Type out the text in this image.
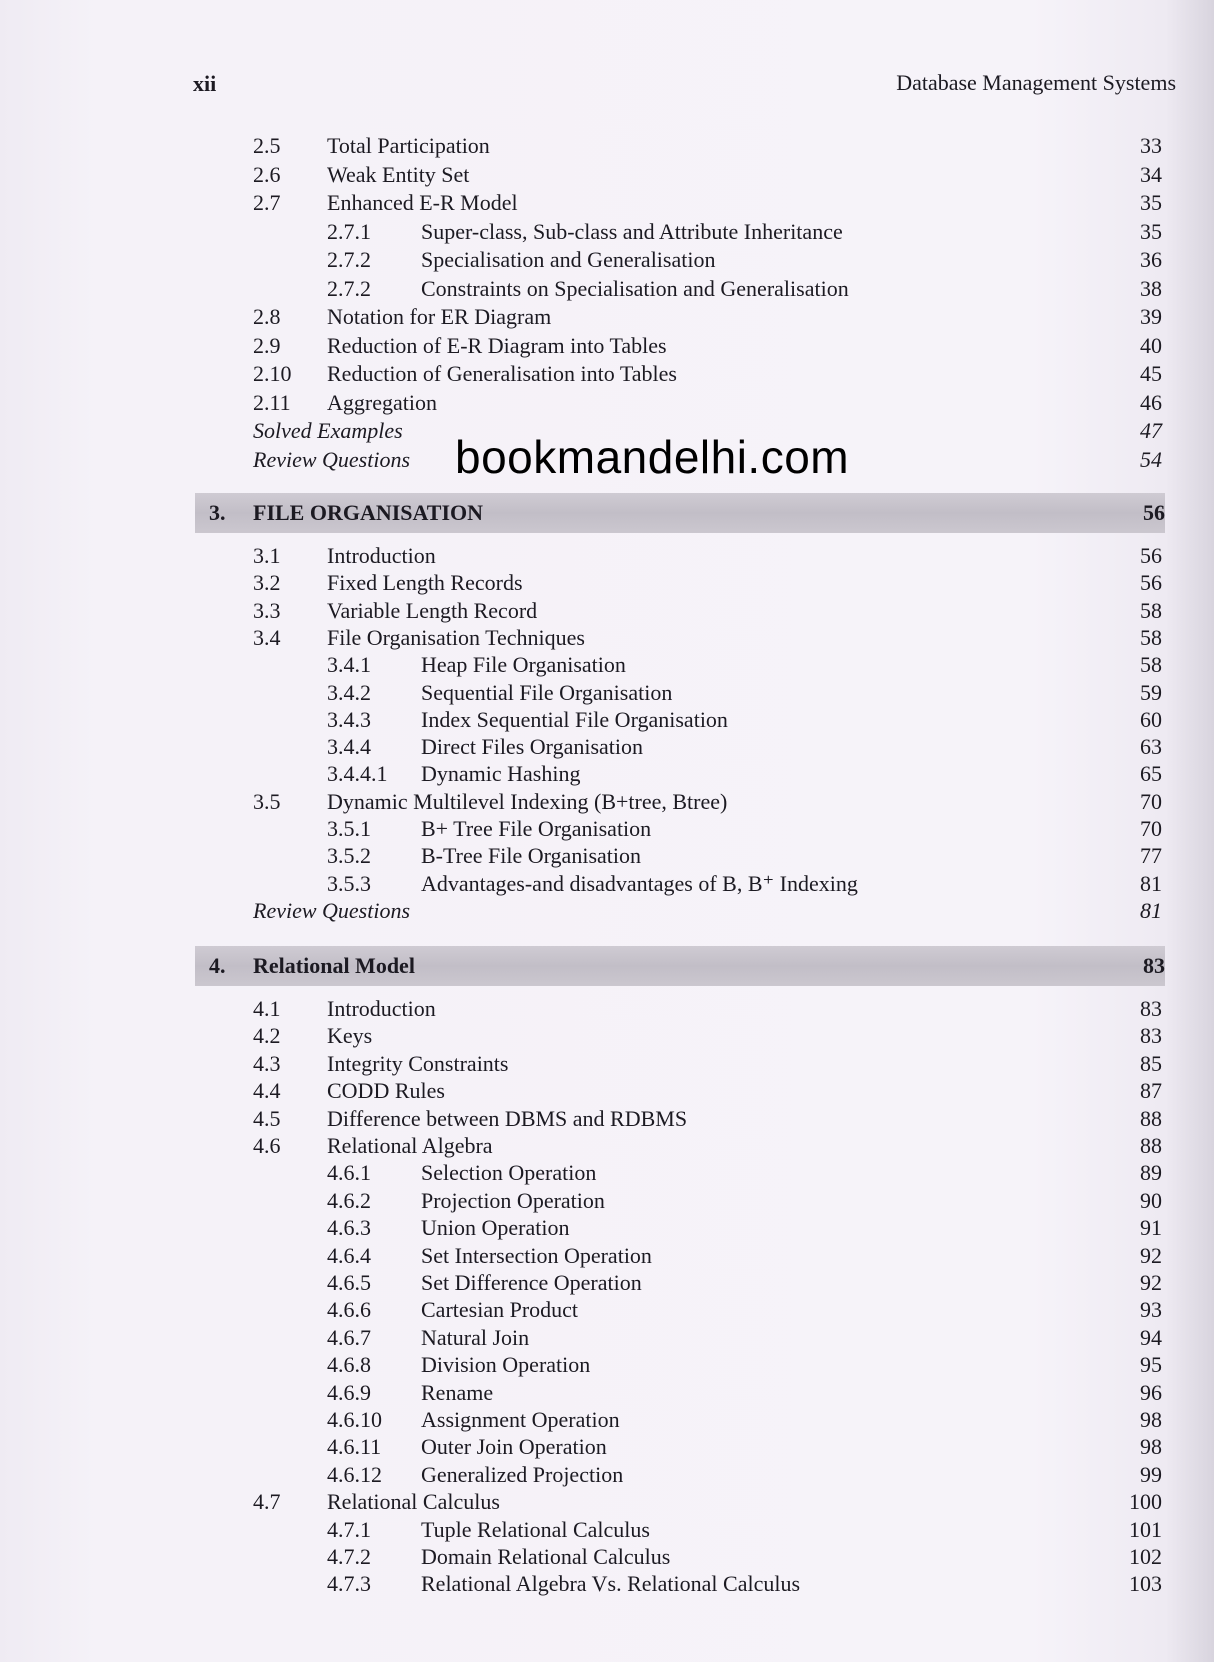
xii	Database Management Systems
2.5 Total Participation	33
2.6 Weak Entity Set	34
2.7 Enhanced E-R Model	35
2.7.1 Super-class, Sub-class and Attribute Inheritance	35
2.7.2 Specialisation and Generalisation	36
2.7.2 Constraints on Specialisation and Generalisation	38
2.8 Notation for ER Diagram	39
2.9 Reduction of E-R Diagram into Tables	40
2.10 Reduction of Generalisation into Tables	45
2.11 Aggregation	46
Solved Examples	47
Review Questions	54
3. FILE ORGANISATION	56
3.1 Introduction	56
3.2 Fixed Length Records	56
3.3 Variable Length Record	58
3.4 File Organisation Techniques	58
3.4.1 Heap File Organisation	58
3.4.2 Sequential File Organisation	59
3.4.3 Index Sequential File Organisation	60
3.4.4 Direct Files Organisation	63
3.4.4.1 Dynamic Hashing	65
3.5 Dynamic Multilevel Indexing (B+tree, Btree)	70
3.5.1 B+ Tree File Organisation	70
3.5.2 B-Tree File Organisation	77
3.5.3 Advantages-and disadvantages of B, B⁺ Indexing	81
Review Questions	81
4. Relational Model	83
4.1 Introduction	83
4.2 Keys	83
4.3 Integrity Constraints	85
4.4 CODD Rules	87
4.5 Difference between DBMS and RDBMS	88
4.6 Relational Algebra	88
4.6.1 Selection Operation	89
4.6.2 Projection Operation	90
4.6.3 Union Operation	91
4.6.4 Set Intersection Operation	92
4.6.5 Set Difference Operation	92
4.6.6 Cartesian Product	93
4.6.7 Natural Join	94
4.6.8 Division Operation	95
4.6.9 Rename	96
4.6.10 Assignment Operation	98
4.6.11 Outer Join Operation	98
4.6.12 Generalized Projection	99
4.7 Relational Calculus	100
4.7.1 Tuple Relational Calculus	101
4.7.2 Domain Relational Calculus	102
4.7.3 Relational Algebra Vs. Relational Calculus	103
bookmandelhi.com
